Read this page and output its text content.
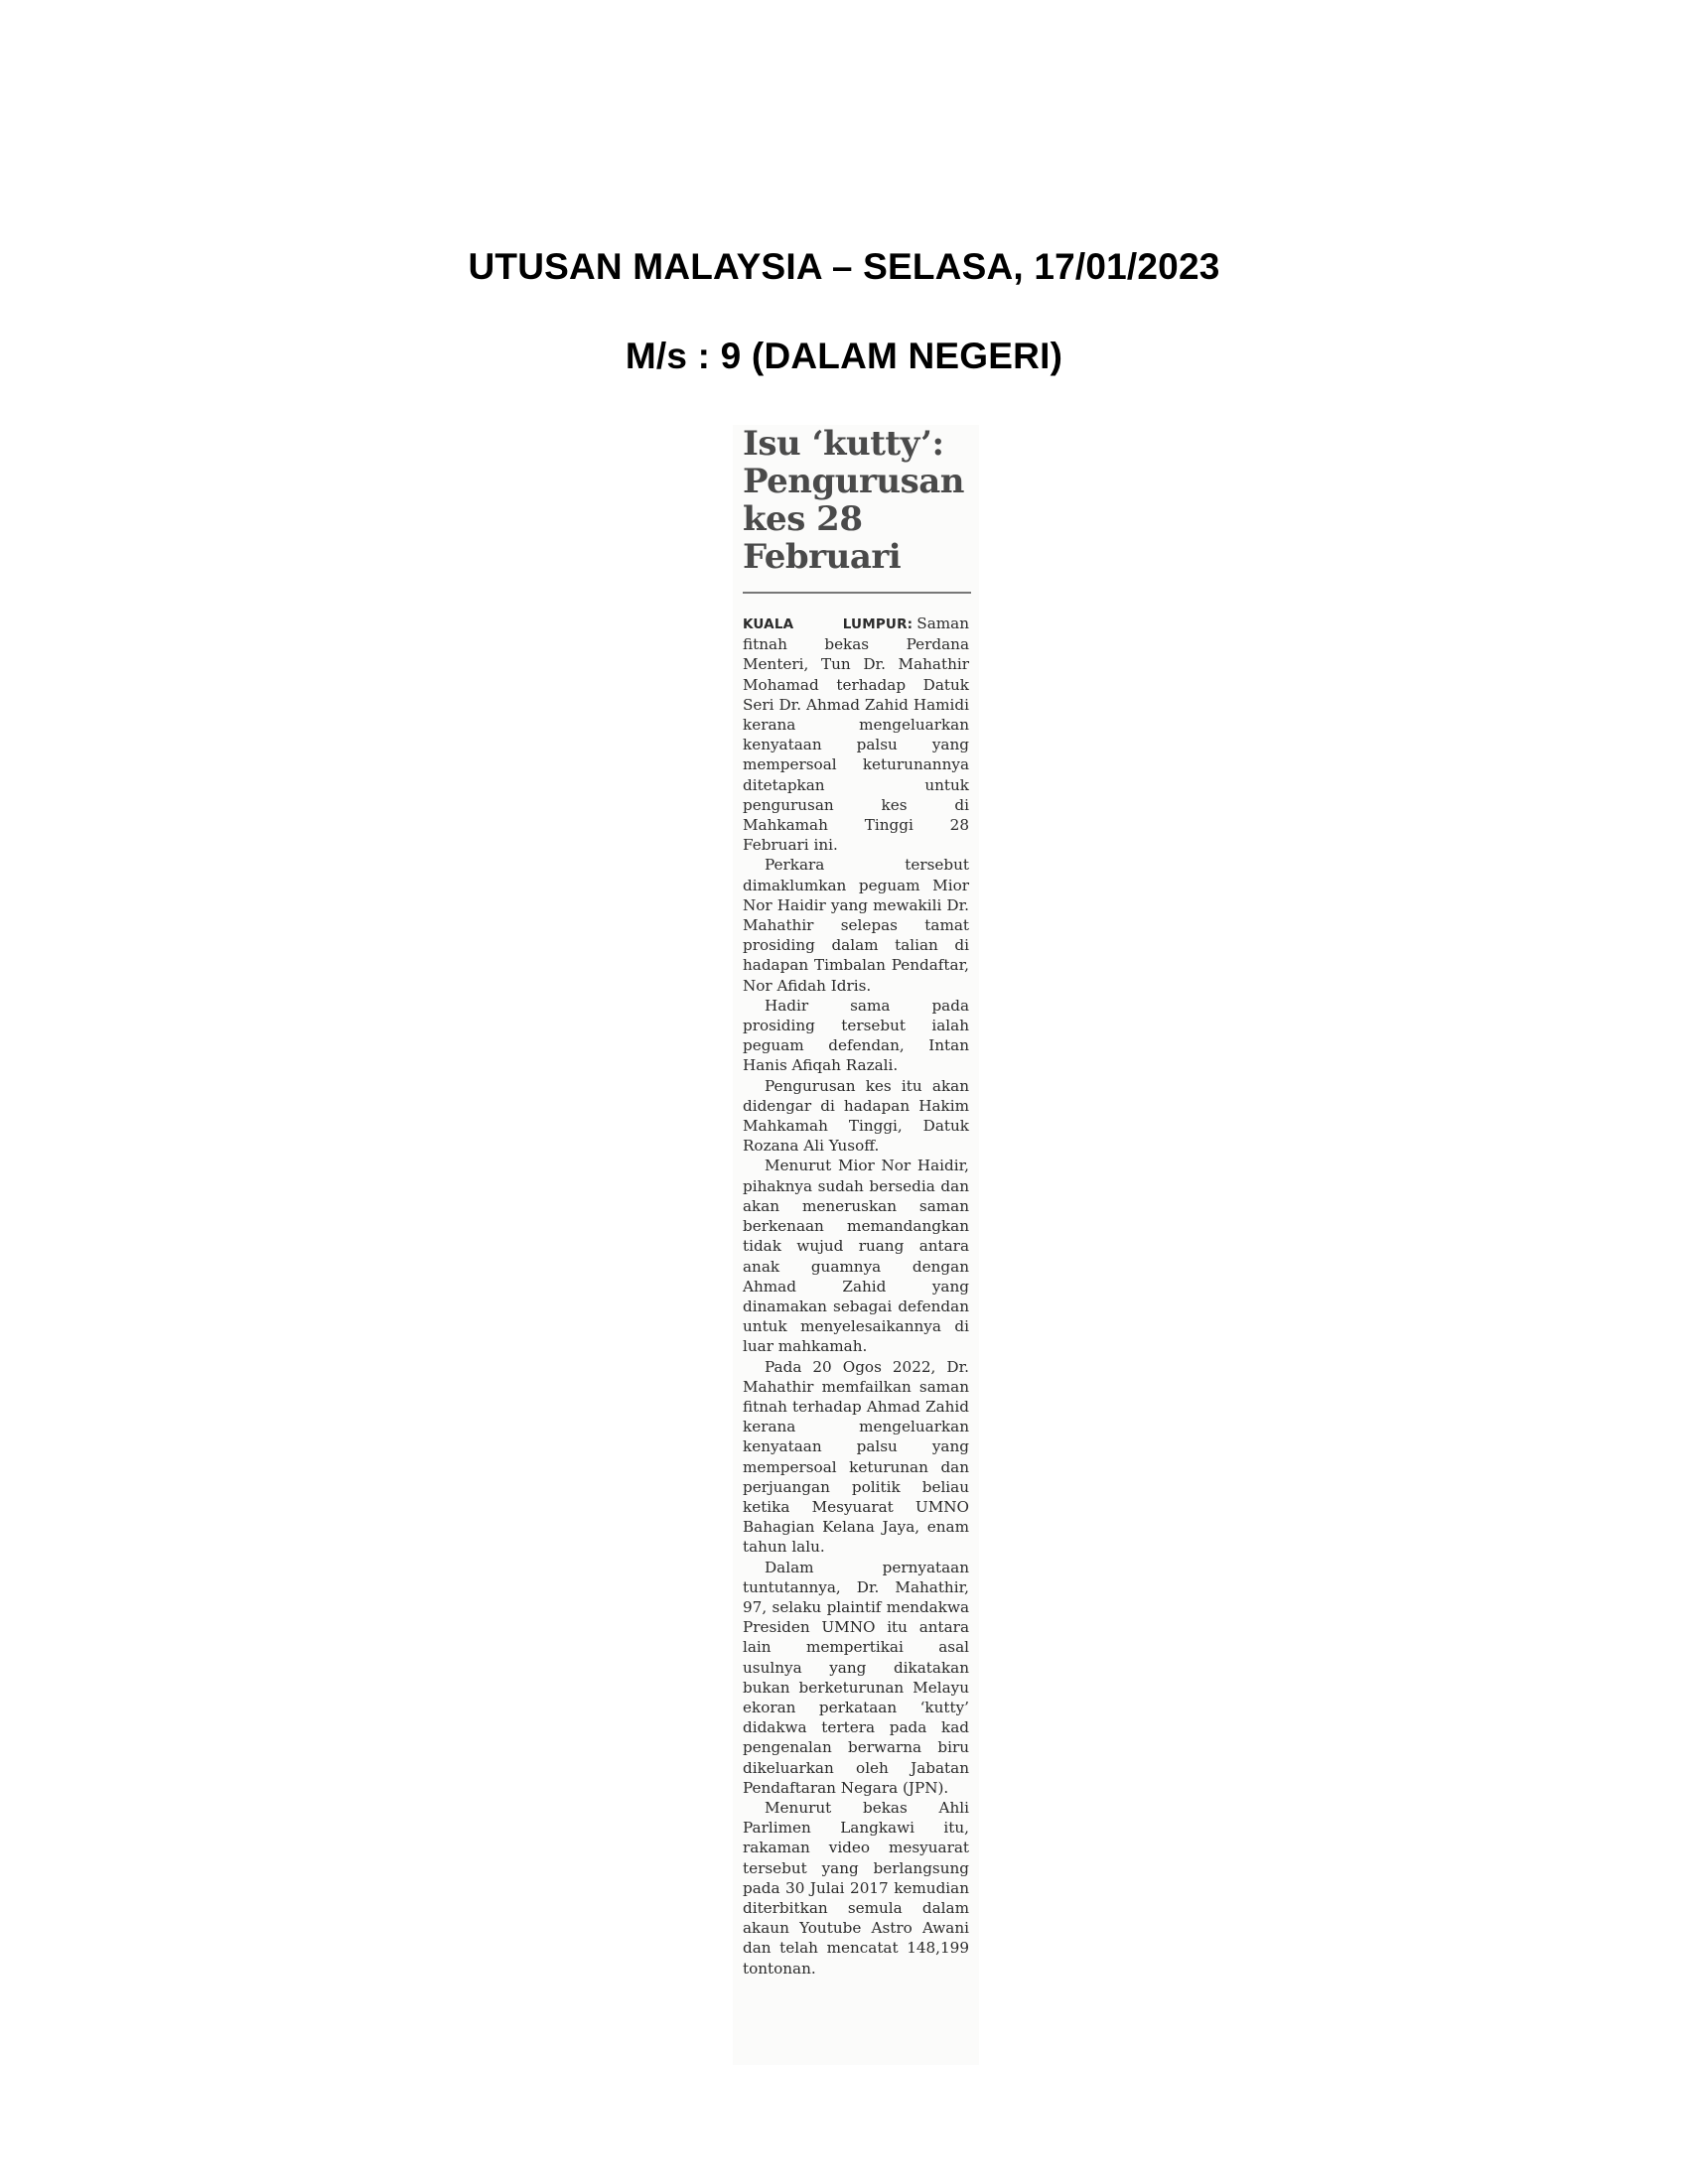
UTUSAN MALAYSIA – SELASA, 17/01/2023
M/s : 9 (DALAM NEGERI)
Isu ‘kutty’:
Pengurusan
kes 28
Februari

KUALA LUMPUR: Saman fitnah bekas Perdana Menteri, Tun Dr. Mahathir Mohamad terhadap Datuk Seri Dr. Ahmad Zahid Hamidi kerana mengeluarkan kenyataan palsu yang mempersoal keturunannya ditetapkan untuk pengurusan kes di Mahkamah Tinggi 28 Februari ini.

Perkara tersebut dimaklumkan peguam Mior Nor Haidir yang mewakili Dr. Mahathir selepas tamat prosiding dalam talian di hadapan Timbalan Pendaftar, Nor Afidah Idris.

Hadir sama pada prosiding tersebut ialah peguam defendan, Intan Hanis Afiqah Razali.

Pengurusan kes itu akan didengar di hadapan Hakim Mahkamah Tinggi, Datuk Rozana Ali Yusoff.

Menurut Mior Nor Haidir, pihaknya sudah bersedia dan akan meneruskan saman berkenaan memandangkan tidak wujud ruang antara anak guamnya dengan Ahmad Zahid yang dinamakan sebagai defendan untuk menyelesaikannya di luar mahkamah.

Pada 20 Ogos 2022, Dr. Mahathir memfailkan saman fitnah terhadap Ahmad Zahid kerana mengeluarkan kenyataan palsu yang mempersoal keturunan dan perjuangan politik beliau ketika Mesyuarat UMNO Bahagian Kelana Jaya, enam tahun lalu.

Dalam pernyataan tuntutannya, Dr. Mahathir, 97, selaku plaintif mendakwa Presiden UMNO itu antara lain mempertikai asal usulnya yang dikatakan bukan berketurunan Melayu ekoran perkataan ‘kutty’ didakwa tertera pada kad pengenalan berwarna biru dikeluarkan oleh Jabatan Pendaftaran Negara (JPN).

Menurut bekas Ahli Parlimen Langkawi itu, rakaman video mesyuarat tersebut yang berlangsung pada 30 Julai 2017 kemudian diterbitkan semula dalam akaun Youtube Astro Awani dan telah mencatat 148,199 tontonan.
